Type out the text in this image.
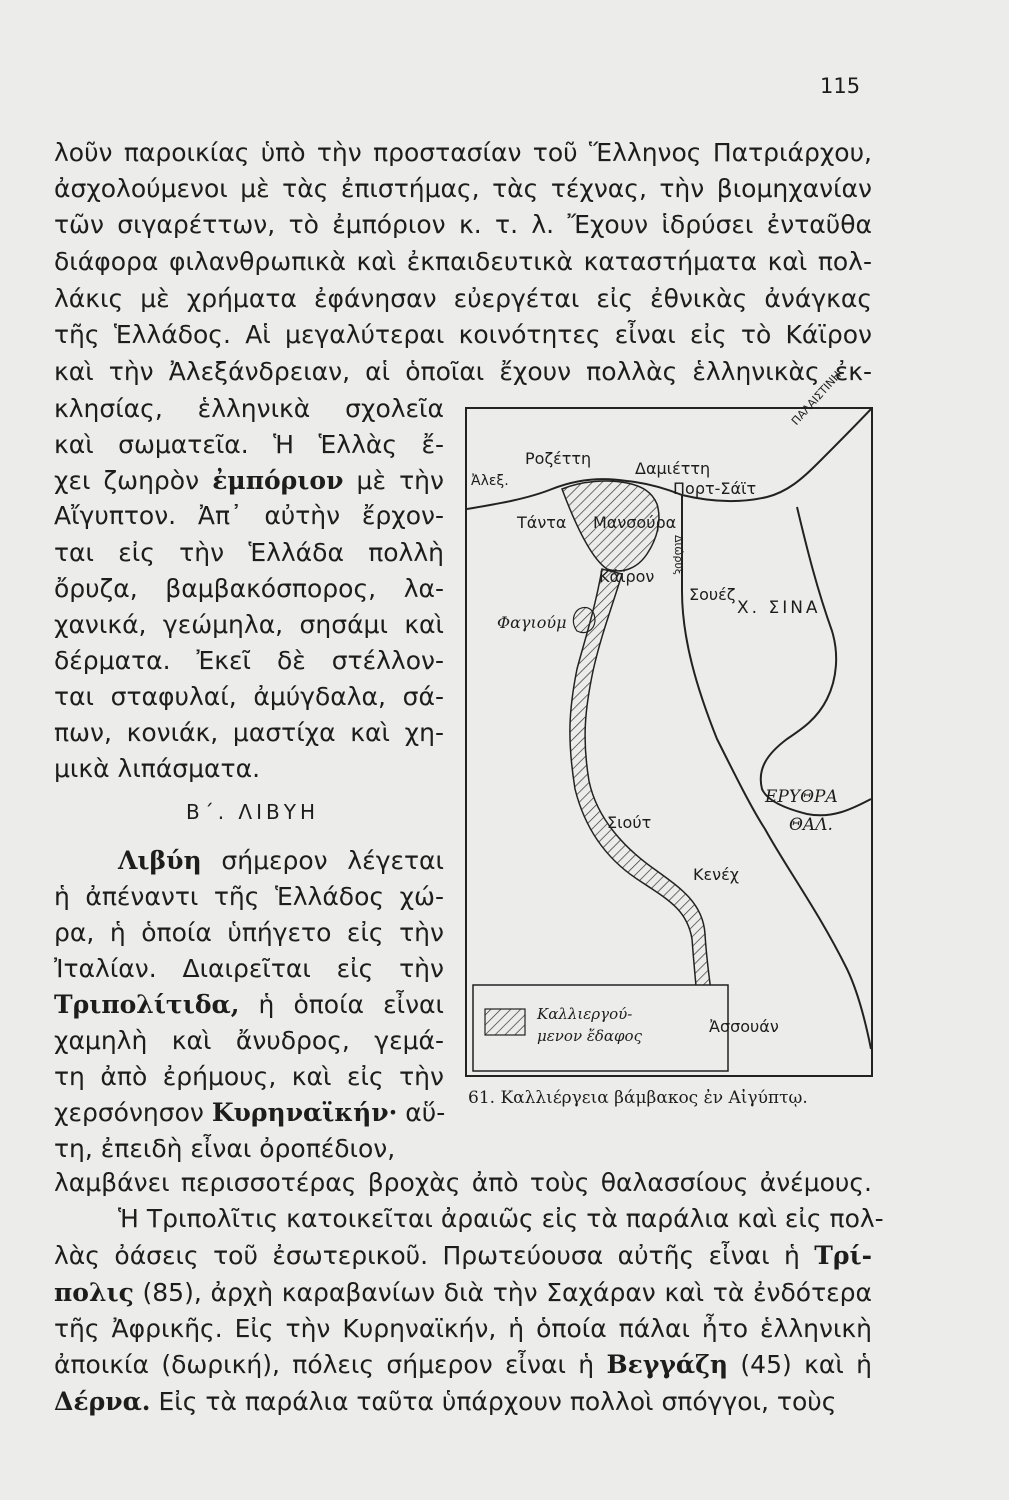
115
λοῦν παροικίας ὑπὸ τὴν προστασίαν τοῦ Ἕλληνος Πατριάρχου,
ἀσχολούμενοι μὲ τὰς ἐπιστήμας, τὰς τέχνας, τὴν βιομηχανίαν
τῶν σιγαρέττων, τὸ ἐμπόριον κ. τ. λ. Ἔχουν ἱδρύσει ἐνταῦθα
διάφορα φιλανθρωπικὰ καὶ ἐκπαιδευτικὰ καταστήματα καὶ πολ-
λάκις μὲ χρήματα ἐφάνησαν εὐεργέται εἰς ἐθνικὰς ἀνάγκας
τῆς Ἑλλάδος. Αἱ μεγαλύτεραι κοινότητες εἶναι εἰς τὸ Κάϊρον
καὶ τὴν Ἀλεξάνδρειαν, αἱ ὁποῖαι ἔχουν πολλὰς ἑλληνικὰς ἐκ-
κλησίας, ἑλληνικὰ σχολεῖα
καὶ σωματεῖα. Ἡ Ἑλλὰς ἔ-
χει ζωηρὸν ἐμπόριον μὲ τὴν
Αἴγυπτον. Ἀπ᾽ αὐτὴν ἔρχον-
ται εἰς τὴν Ἑλλάδα πολλὴ
ὄρυζα, βαμβακόσπορος, λα-
χανικά, γεώμηλα, σησάμι καὶ
δέρματα. Ἐκεῖ δὲ στέλλον-
ται σταφυλαί, ἀμύγδαλα, σά-
πων, κονιάκ, μαστίχα καὶ χη-
μικὰ λιπάσματα.
Β΄. ΛΙΒΥΗ
Λιβύη σήμερον λέγεται
ἡ ἀπέναντι τῆς Ἑλλάδος χώ-
ρα, ἡ ὁποία ὑπήγετο εἰς τὴν
Ἰταλίαν. Διαιρεῖται εἰς τὴν
Τριπολίτιδα, ἡ ὁποία εἶναι
χαμηλὴ καὶ ἄνυδρος, γεμά-
τη ἀπὸ ἐρήμους, καὶ εἰς τὴν
χερσόνησον Κυρηναϊκήν· αὕ-
τη, ἐπειδὴ εἶναι ὀροπέδιον,
λαμβάνει περισσοτέρας βροχὰς ἀπὸ τοὺς θαλασσίους ἀνέμους.
Ἡ Τριπολῖτις κατοικεῖται ἀραιῶς εἰς τὰ παράλια καὶ εἰς πολ-
λὰς ὀάσεις τοῦ ἐσωτερικοῦ. Πρωτεύουσα αὐτῆς εἶναι ἡ Τρί-
πολις (85), ἀρχὴ καραβανίων διὰ τὴν Σαχάραν καὶ τὰ ἐνδότερα
τῆς Ἀφρικῆς. Εἰς τὴν Κυρηναϊκήν, ἡ ὁποία πάλαι ἦτο ἑλληνικὴ
ἀποικία (δωρική), πόλεις σήμερον εἶναι ἡ Βεγγάζη (45) καὶ ἡ
Δέρνα. Εἰς τὰ παράλια ταῦτα ὑπάρχουν πολλοὶ σπόγγοι, τοὺς
Ροζέττη
Δαμιέττη
Ἀλεξ.	Πορτ-Σάϊτ
ΠΑΛΑΙΣΤΙΝΗ
Τάντα Μανσούρα
Διώρυξ
Κάϊρον
Σουέζ
Χ. ΣΙΝΑ
Φαγιούμ
ΕΡΥΘΡΑ
ΘΑΛ.
Σιούτ
Κενέχ
Ἀσσουάν
Καλλιεργού-
μενον ἔδαφος
61. Καλλιέργεια βάμβακος ἐν Αἰγύπτῳ.
